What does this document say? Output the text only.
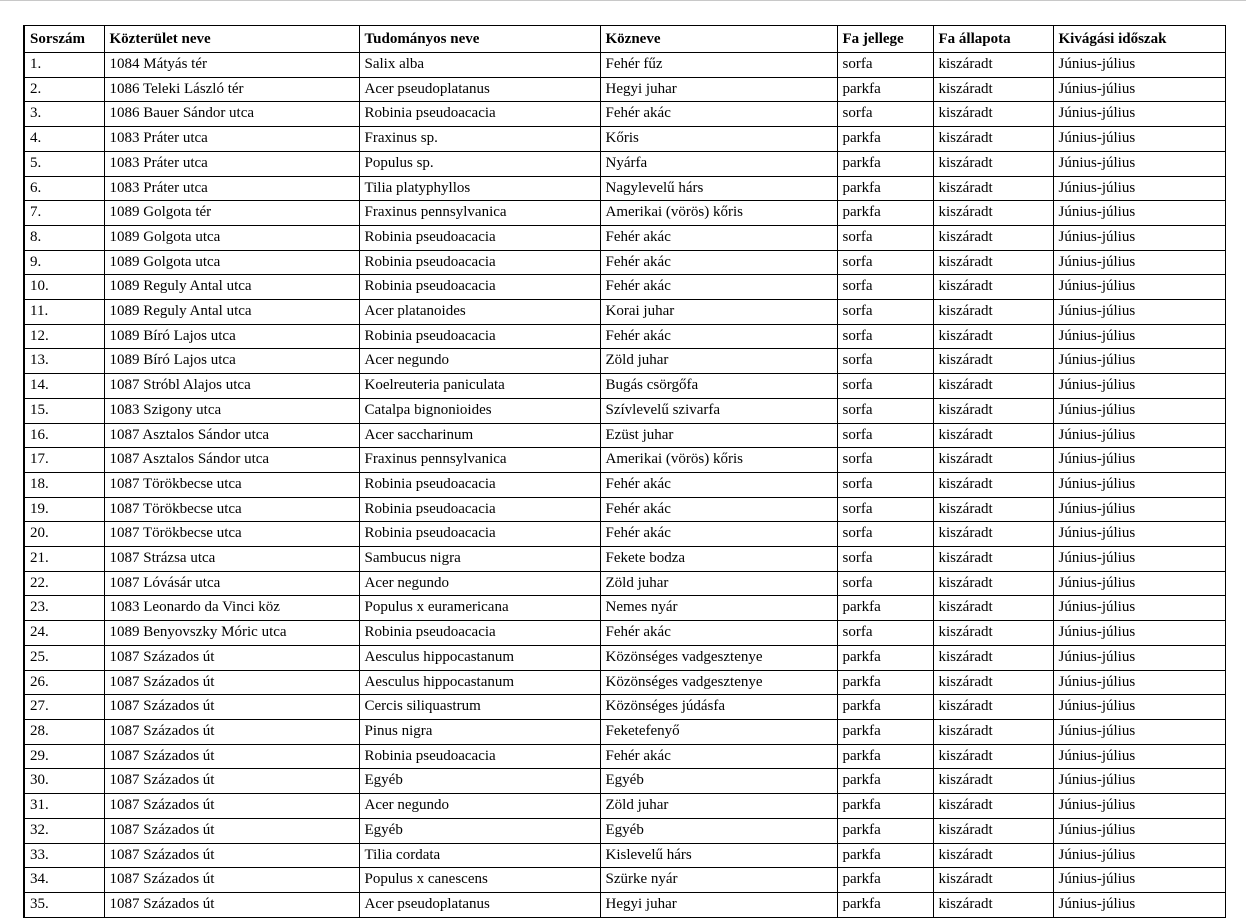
Sorszám	Közterület neve	Tudományos neve	Közneve	Fa jellege	Fa állapota	Kivágási időszak
1.	1084 Mátyás tér	Salix alba	Fehér fűz	sorfa	kiszáradt	Június-július
2.	1086 Teleki László tér	Acer pseudoplatanus	Hegyi juhar	parkfa	kiszáradt	Június-július
3.	1086 Bauer Sándor utca	Robinia pseudoacacia	Fehér akác	sorfa	kiszáradt	Június-július
4.	1083 Práter utca	Fraxinus sp.	Kőris	parkfa	kiszáradt	Június-július
5.	1083 Práter utca	Populus sp.	Nyárfa	parkfa	kiszáradt	Június-július
6.	1083 Práter utca	Tilia platyphyllos	Nagylevelű hárs	parkfa	kiszáradt	Június-július
7.	1089 Golgota tér	Fraxinus pennsylvanica	Amerikai (vörös) kőris	parkfa	kiszáradt	Június-július
8.	1089 Golgota utca	Robinia pseudoacacia	Fehér akác	sorfa	kiszáradt	Június-július
9.	1089 Golgota utca	Robinia pseudoacacia	Fehér akác	sorfa	kiszáradt	Június-július
10.	1089 Reguly Antal utca	Robinia pseudoacacia	Fehér akác	sorfa	kiszáradt	Június-július
11.	1089 Reguly Antal utca	Acer platanoides	Korai juhar	sorfa	kiszáradt	Június-július
12.	1089 Bíró Lajos utca	Robinia pseudoacacia	Fehér akác	sorfa	kiszáradt	Június-július
13.	1089 Bíró Lajos utca	Acer negundo	Zöld juhar	sorfa	kiszáradt	Június-július
14.	1087 Stróbl Alajos utca	Koelreuteria paniculata	Bugás csörgőfa	sorfa	kiszáradt	Június-július
15.	1083 Szigony utca	Catalpa bignonioides	Szívlevelű szivarfa	sorfa	kiszáradt	Június-július
16.	1087 Asztalos Sándor utca	Acer saccharinum	Ezüst juhar	sorfa	kiszáradt	Június-július
17.	1087 Asztalos Sándor utca	Fraxinus pennsylvanica	Amerikai (vörös) kőris	sorfa	kiszáradt	Június-július
18.	1087 Törökbecse utca	Robinia pseudoacacia	Fehér akác	sorfa	kiszáradt	Június-július
19.	1087 Törökbecse utca	Robinia pseudoacacia	Fehér akác	sorfa	kiszáradt	Június-július
20.	1087 Törökbecse utca	Robinia pseudoacacia	Fehér akác	sorfa	kiszáradt	Június-július
21.	1087 Strázsa utca	Sambucus nigra	Fekete bodza	sorfa	kiszáradt	Június-július
22.	1087 Lóvásár utca	Acer negundo	Zöld juhar	sorfa	kiszáradt	Június-július
23.	1083 Leonardo da Vinci köz	Populus x euramericana	Nemes nyár	parkfa	kiszáradt	Június-július
24.	1089 Benyovszky Móric utca	Robinia pseudoacacia	Fehér akác	sorfa	kiszáradt	Június-július
25.	1087 Százados út	Aesculus hippocastanum	Közönséges vadgesztenye	parkfa	kiszáradt	Június-július
26.	1087 Százados út	Aesculus hippocastanum	Közönséges vadgesztenye	parkfa	kiszáradt	Június-július
27.	1087 Százados út	Cercis siliquastrum	Közönséges júdásfa	parkfa	kiszáradt	Június-július
28.	1087 Százados út	Pinus nigra	Feketefenyő	parkfa	kiszáradt	Június-július
29.	1087 Százados út	Robinia pseudoacacia	Fehér akác	parkfa	kiszáradt	Június-július
30.	1087 Százados út	Egyéb	Egyéb	parkfa	kiszáradt	Június-július
31.	1087 Százados út	Acer negundo	Zöld juhar	parkfa	kiszáradt	Június-július
32.	1087 Százados út	Egyéb	Egyéb	parkfa	kiszáradt	Június-július
33.	1087 Százados út	Tilia cordata	Kislevelű hárs	parkfa	kiszáradt	Június-július
34.	1087 Százados út	Populus x canescens	Szürke nyár	parkfa	kiszáradt	Június-július
35.	1087 Százados út	Acer pseudoplatanus	Hegyi juhar	parkfa	kiszáradt	Június-július
